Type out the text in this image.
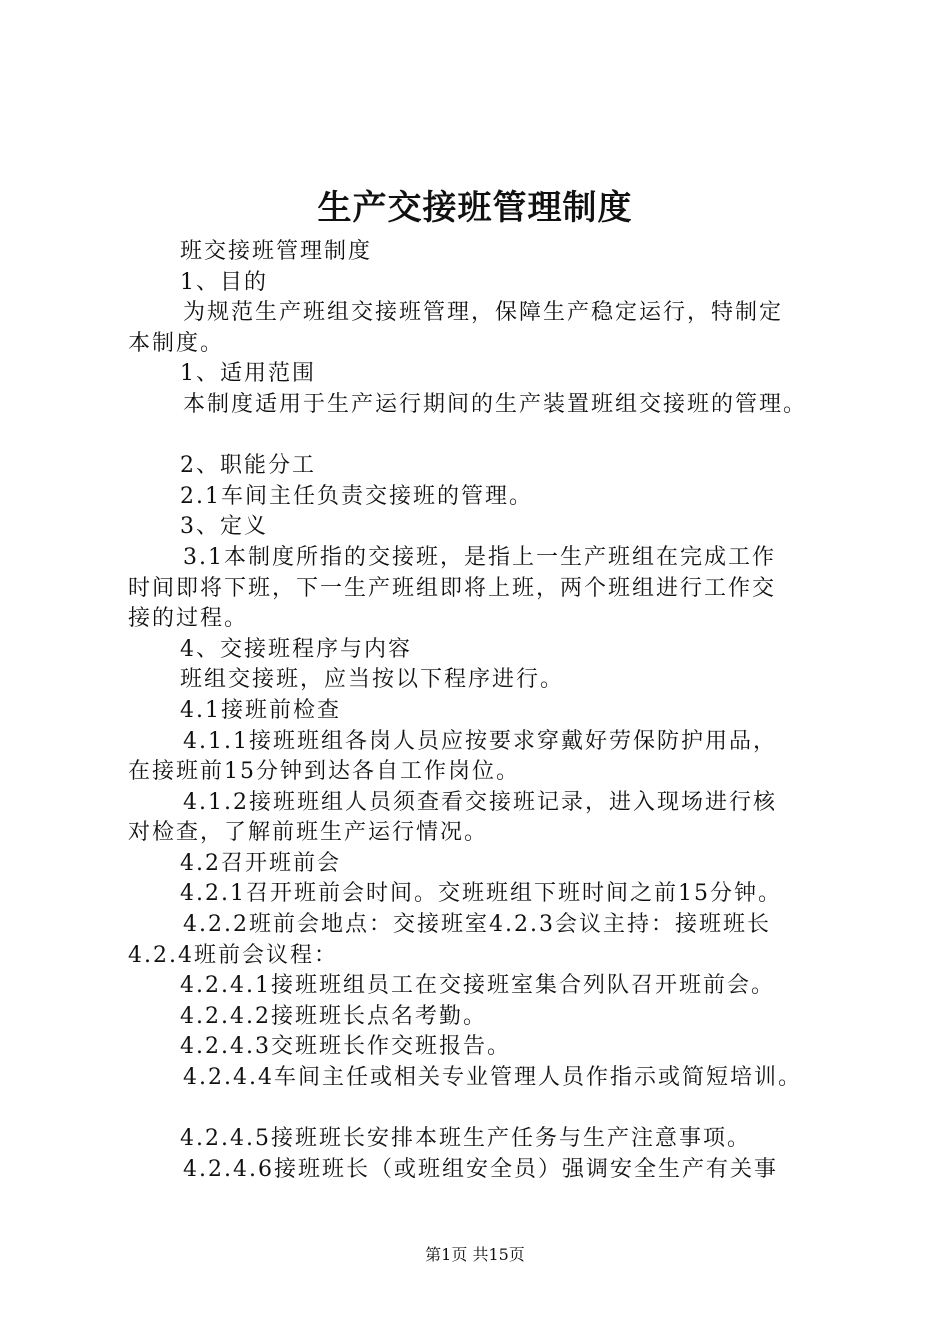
生产交接班管理制度

班交接班管理制度

1、目的

为规范生产班组交接班管理，保障生产稳定运行，特制定

本制度。

1、适用范围

本制度适用于生产运行期间的生产装置班组交接班的管理。

2、职能分工

2.1车间主任负责交接班的管理。

3、定义

3.1本制度所指的交接班，是指上一生产班组在完成工作

时间即将下班，下一生产班组即将上班，两个班组进行工作交

接的过程。

4、交接班程序与内容

班组交接班，应当按以下程序进行。

4.1接班前检查

4.1.1接班班组各岗人员应按要求穿戴好劳保防护用品，

在接班前15分钟到达各自工作岗位。

4.1.2接班班组人员须查看交接班记录，进入现场进行核

对检查，了解前班生产运行情况。

4.2召开班前会

4.2.1召开班前会时间。交班班组下班时间之前15分钟。

4.2.2班前会地点：交接班室4.2.3会议主持：接班班长

4.2.4班前会议程：

4.2.4.1接班班组员工在交接班室集合列队召开班前会。

4.2.4.2接班班长点名考勤。

4.2.4.3交班班长作交班报告。

4.2.4.4车间主任或相关专业管理人员作指示或简短培训。

4.2.4.5接班班长安排本班生产任务与生产注意事项。

4.2.4.6接班班长（或班组安全员）强调安全生产有关事

第1页 共15页
